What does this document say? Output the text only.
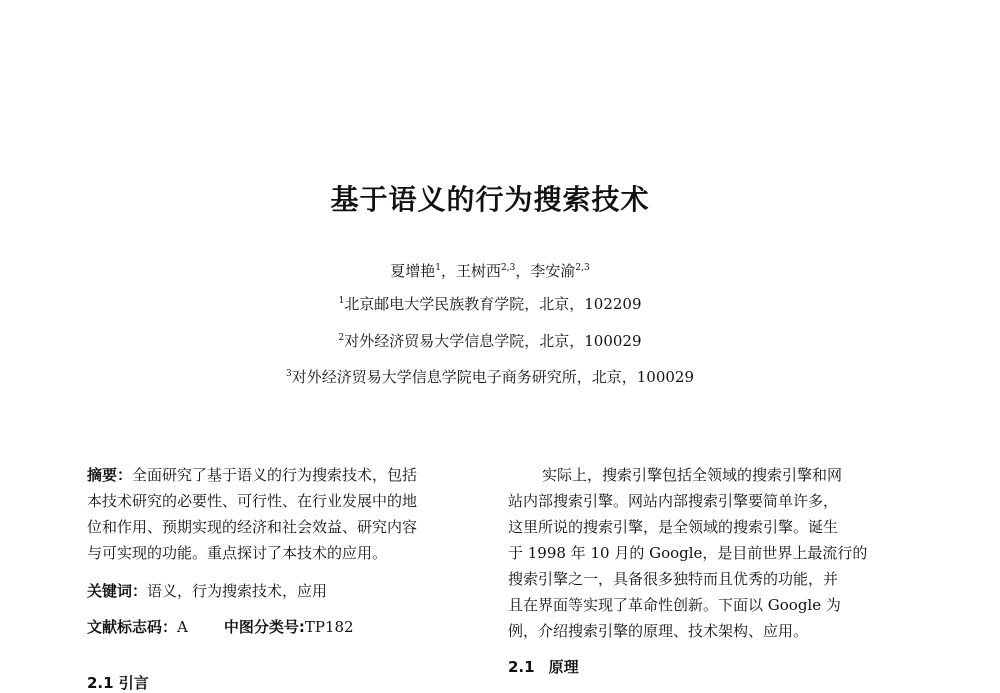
基于语义的行为搜索技术
夏增艳$^1$，王树西$^{2,3}$，李安渝$^{2,3}$
$^1$北京邮电大学民族教育学院，北京，102209
$^2$对外经济贸易大学信息学院，北京，100029
$^3$对外经济贸易大学信息学院电子商务研究所，北京，100029
摘要：全面研究了基于语义的行为搜索技术，包括
本技术研究的必要性、可行性、在行业发展中的地
位和作用、预期实现的经济和社会效益、研究内容
与可实现的功能。重点探讨了本技术的应用。
关键词：语义，行为搜索技术，应用
文献标志码：A 中图分类号:TP182
2.1 引言
实际上，搜索引擎包括全领域的搜索引擎和网
站内部搜索引擎。网站内部搜索引擎要简单许多，
这里所说的搜索引擎，是全领域的搜索引擎。诞生
于 1998 年 10 月的 Google，是目前世界上最流行的
搜索引擎之一，具备很多独特而且优秀的功能，并
且在界面等实现了革命性创新。下面以 Google 为
例，介绍搜索引擎的原理、技术架构、应用。
2.1 原理
